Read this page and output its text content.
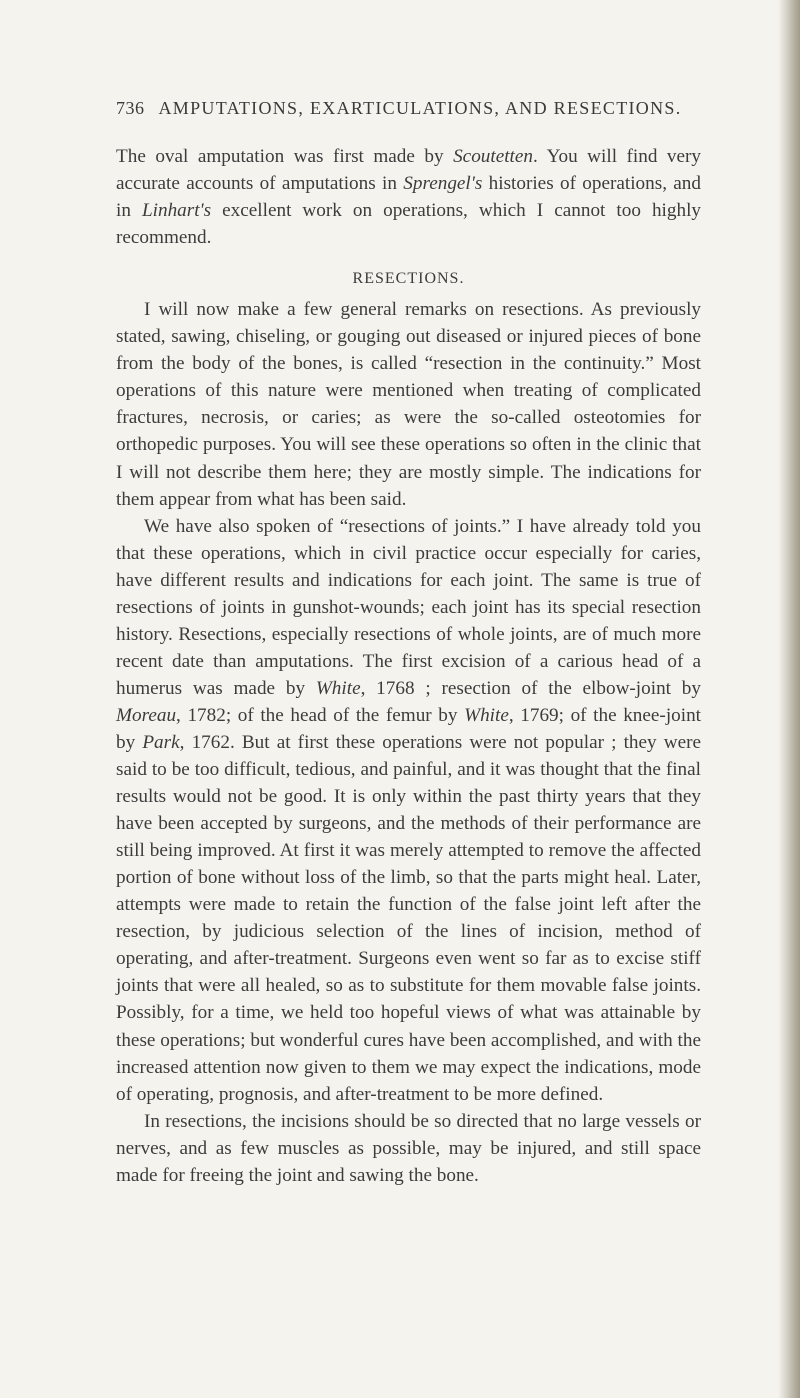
736 AMPUTATIONS, EXARTICULATIONS, AND RESECTIONS.

The oval amputation was first made by Scoutetten. You will find very accurate accounts of amputations in Sprengel's histories of operations, and in Linhart's excellent work on operations, which I cannot too highly recommend.

RESECTIONS.

I will now make a few general remarks on resections. As previously stated, sawing, chiseling, or gouging out diseased or injured pieces of bone from the body of the bones, is called “resection in the continuity.” Most operations of this nature were mentioned when treating of complicated fractures, necrosis, or caries; as were the so-called osteotomies for orthopedic purposes. You will see these operations so often in the clinic that I will not describe them here; they are mostly simple. The indications for them appear from what has been said.

We have also spoken of “resections of joints.” I have already told you that these operations, which in civil practice occur especially for caries, have different results and indications for each joint. The same is true of resections of joints in gunshot-wounds; each joint has its special resection history. Resections, especially resections of whole joints, are of much more recent date than amputations. The first excision of a carious head of a humerus was made by White, 1768 ; resection of the elbow-joint by Moreau, 1782; of the head of the femur by White, 1769; of the knee-joint by Park, 1762. But at first these operations were not popular ; they were said to be too difficult, tedious, and painful, and it was thought that the final results would not be good. It is only within the past thirty years that they have been accepted by surgeons, and the methods of their performance are still being improved. At first it was merely attempted to remove the affected portion of bone without loss of the limb, so that the parts might heal. Later, attempts were made to retain the function of the false joint left after the resection, by judicious selection of the lines of incision, method of operating, and after-treatment. Surgeons even went so far as to excise stiff joints that were all healed, so as to substitute for them movable false joints. Possibly, for a time, we held too hopeful views of what was attainable by these operations; but wonderful cures have been accomplished, and with the increased attention now given to them we may expect the indications, mode of operating, prognosis, and after-treatment to be more defined.

In resections, the incisions should be so directed that no large vessels or nerves, and as few muscles as possible, may be injured, and still space made for freeing the joint and sawing the bone.
